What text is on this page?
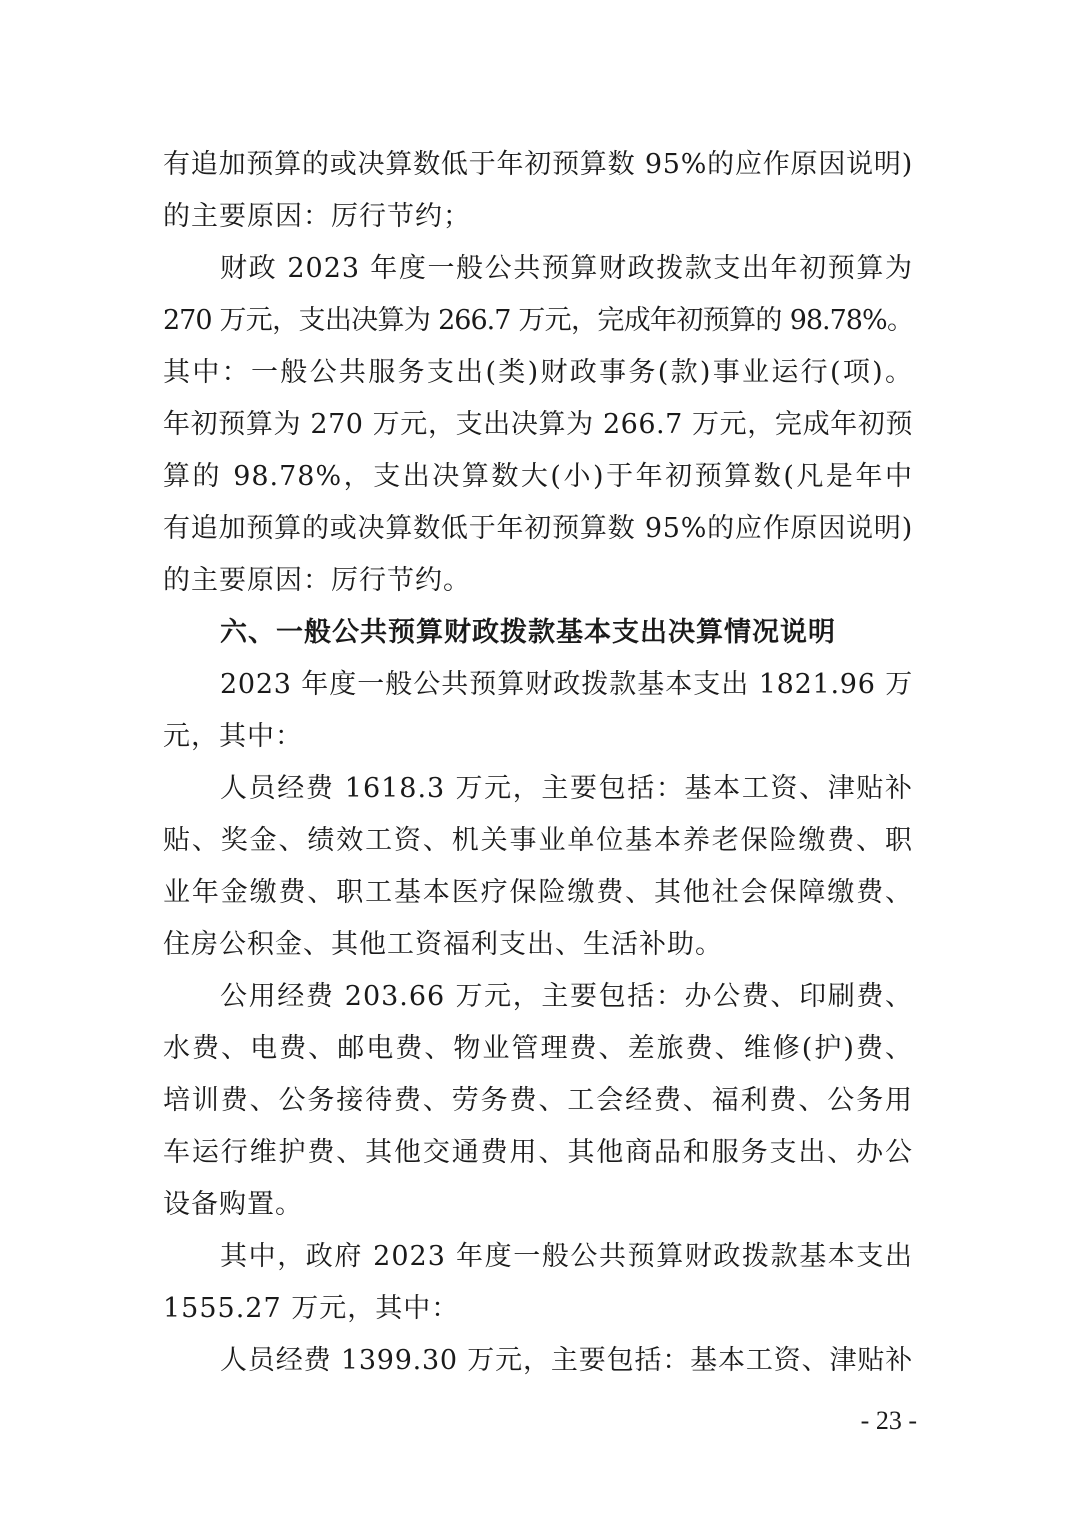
有追加预算的或决算数低于年初预算数 95%的应作原因说明)
的主要原因：厉行节约；
财政 2023 年度一般公共预算财政拨款支出年初预算为
270 万元，支出决算为 266.7 万元，完成年初预算的 98.78%。
其中：一般公共服务支出(类)财政事务(款)事业运行(项)。
年初预算为 270 万元，支出决算为 266.7 万元，完成年初预
算的 98.78%，支出决算数大(小)于年初预算数(凡是年中
有追加预算的或决算数低于年初预算数 95%的应作原因说明)
的主要原因：厉行节约。
六、一般公共预算财政拨款基本支出决算情况说明
2023 年度一般公共预算财政拨款基本支出 1821.96 万
元，其中：
人员经费 1618.3 万元，主要包括：基本工资、津贴补
贴、奖金、绩效工资、机关事业单位基本养老保险缴费、职
业年金缴费、职工基本医疗保险缴费、其他社会保障缴费、
住房公积金、其他工资福利支出、生活补助。
公用经费 203.66 万元，主要包括：办公费、印刷费、
水费、电费、邮电费、物业管理费、差旅费、维修(护)费、
培训费、公务接待费、劳务费、工会经费、福利费、公务用
车运行维护费、其他交通费用、其他商品和服务支出、办公
设备购置。
其中，政府 2023 年度一般公共预算财政拨款基本支出
1555.27 万元，其中：
人员经费 1399.30 万元，主要包括：基本工资、津贴补
- 23 -
